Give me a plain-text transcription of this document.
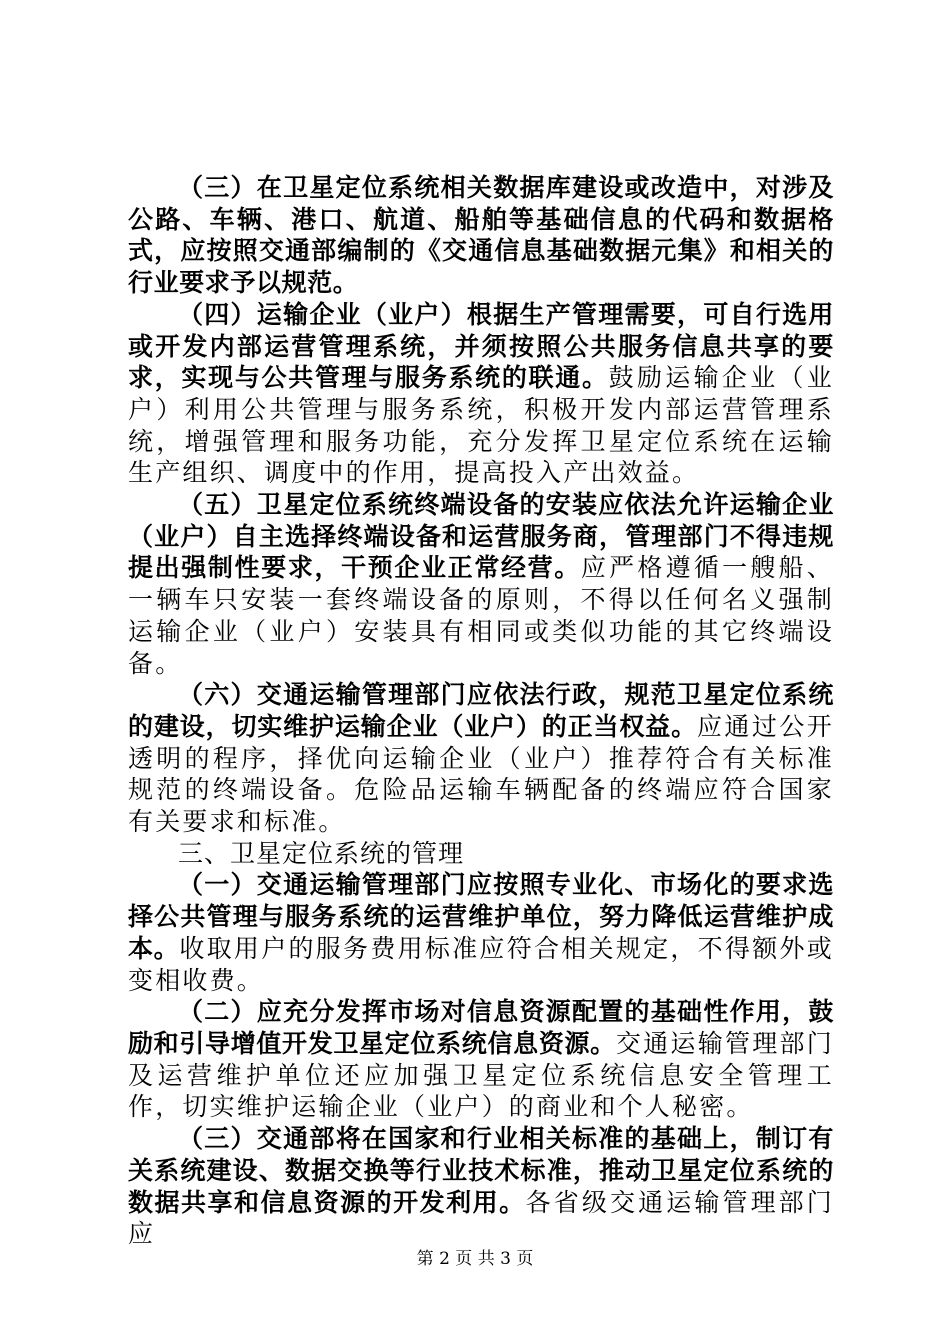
（三）在卫星定位系统相关数据库建设或改造中，对涉及公路、车辆、港口、航道、船舶等基础信息的代码和数据格式，应按照交通部编制的《交通信息基础数据元集》和相关的行业要求予以规范。

（四）运输企业（业户）根据生产管理需要，可自行选用或开发内部运营管理系统，并须按照公共服务信息共享的要求，实现与公共管理与服务系统的联通。鼓励运输企业（业户）利用公共管理与服务系统，积极开发内部运营管理系统，增强管理和服务功能，充分发挥卫星定位系统在运输生产组织、调度中的作用，提高投入产出效益。

（五）卫星定位系统终端设备的安装应依法允许运输企业（业户）自主选择终端设备和运营服务商，管理部门不得违规提出强制性要求，干预企业正常经营。应严格遵循一艘船、一辆车只安装一套终端设备的原则，不得以任何名义强制运输企业（业户）安装具有相同或类似功能的其它终端设备。

（六）交通运输管理部门应依法行政，规范卫星定位系统的建设，切实维护运输企业（业户）的正当权益。应通过公开透明的程序，择优向运输企业（业户）推荐符合有关标准规范的终端设备。危险品运输车辆配备的终端应符合国家有关要求和标准。

三、卫星定位系统的管理

（一）交通运输管理部门应按照专业化、市场化的要求选择公共管理与服务系统的运营维护单位，努力降低运营维护成本。收取用户的服务费用标准应符合相关规定，不得额外或变相收费。

（二）应充分发挥市场对信息资源配置的基础性作用，鼓励和引导增值开发卫星定位系统信息资源。交通运输管理部门及运营维护单位还应加强卫星定位系统信息安全管理工作，切实维护运输企业（业户）的商业和个人秘密。

（三）交通部将在国家和行业相关标准的基础上，制订有关系统建设、数据交换等行业技术标准，推动卫星定位系统的数据共享和信息资源的开发利用。各省级交通运输管理部门应

第 2 页 共 3 页
